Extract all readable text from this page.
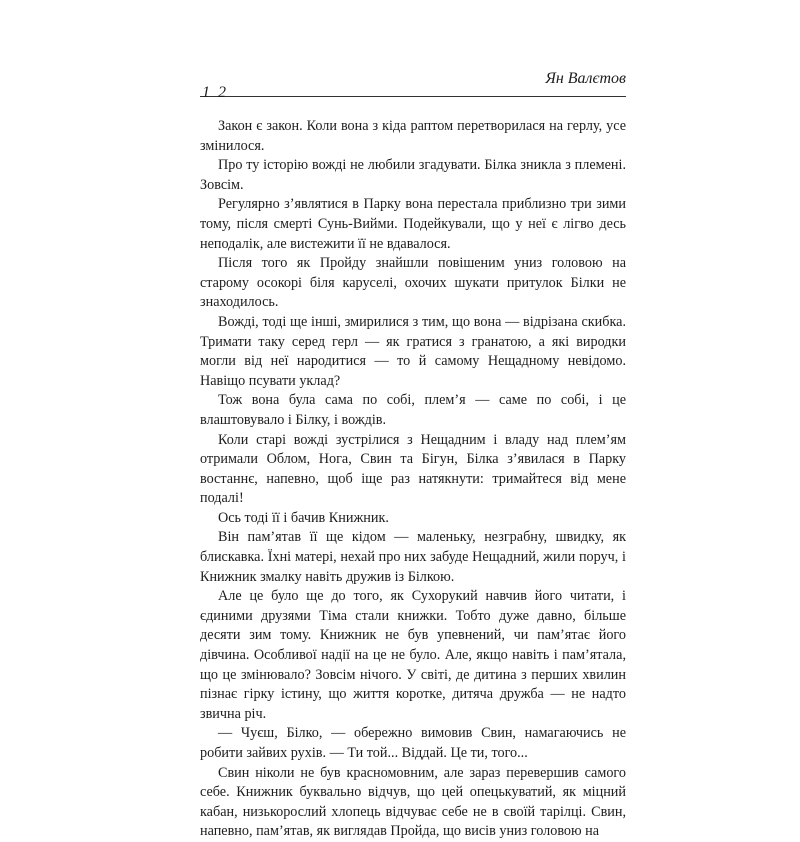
1 2
Ян Валєтов

Закон є закон. Коли вона з кіда раптом перетворилася на герлу, усе змінилося.

Про ту історію вожді не любили згадувати. Білка зникла з племені. Зовсім.

Регулярно з’являтися в Парку вона перестала приблизно три зими тому, після смерті Сунь-Вийми. Подейкували, що у неї є лігво десь неподалік, але вистежити її не вдавалося.

Після того як Пройду знайшли повішеним униз головою на старому осокорі біля каруселі, охочих шукати притулок Білки не знаходилось.

Вожді, тоді ще інші, змирилися з тим, що вона — відрізана скибка. Тримати таку серед герл — як гратися з гранатою, а які виродки могли від неї народитися — то й самому Нещадному невідомо. Навіщо псувати уклад?

Тож вона була сама по собі, плем’я — саме по собі, і це влаштовувало і Білку, і вождів.

Коли старі вожді зустрілися з Нещадним і владу над плем’ям отримали Облом, Нога, Свин та Бігун, Білка з’явилася в Парку востаннє, напевно, щоб іще раз натякнути: тримайтеся від мене подалі!

Ось тоді її і бачив Книжник.

Він пам’ятав її ще кідом — маленьку, незграбну, швидку, як блискавка. Їхні матері, нехай про них забуде Нещадний, жили поруч, і Книжник змалку навіть дружив із Білкою.

Але це було ще до того, як Сухорукий навчив його читати, і єдиними друзями Тіма стали книжки. Тобто дуже давно, більше десяти зим тому. Книжник не був упевнений, чи пам’ятає його дівчина. Особливої надії на це не було. Але, якщо навіть і пам’ятала, що це змінювало? Зовсім нічого. У світі, де дитина з перших хвилин пізнає гірку істину, що життя коротке, дитяча дружба — не надто звична річ.

— Чуєш, Білко, — обережно вимовив Свин, намагаючись не робити зайвих рухів. — Ти той... Віддай. Це ти, того...

Свин ніколи не був красномовним, але зараз перевершив самого себе. Книжник буквально відчув, що цей опецькуватий, як міцний кабан, низькорослий хлопець відчуває себе не в своїй тарілці. Свин, напевно, пам’ятав, як виглядав Пройда, що висів униз головою на
